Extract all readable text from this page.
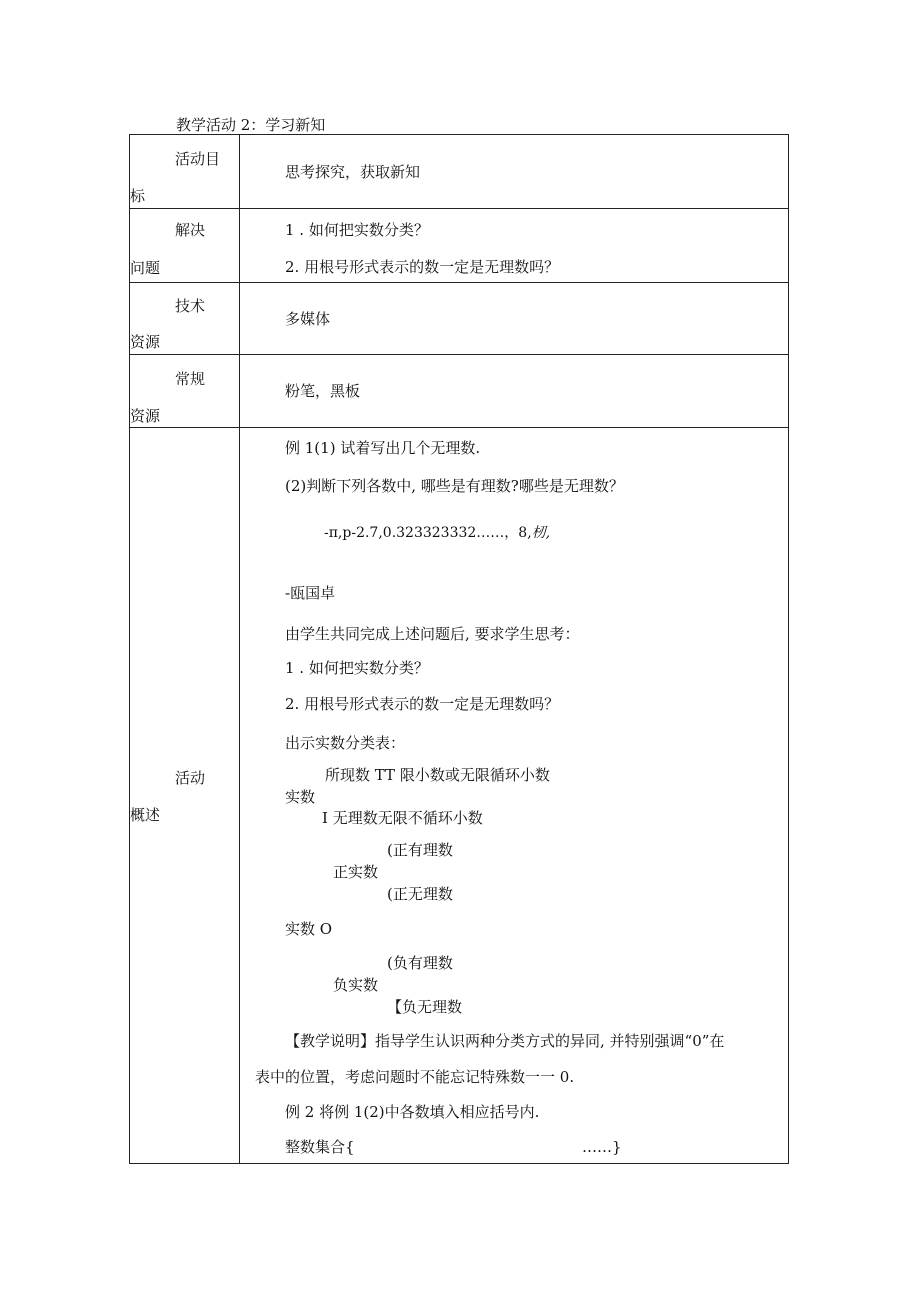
教学活动 2：学习新知
活动目
标
思考探究，获取新知
解决
问题
1 . 如何把实数分类？
2. 用根号形式表示的数一定是无理数吗？
技术
资源
多媒体
常规
资源
粉笔，黑板
活动
概述
例 1(1) 试着写出几个无理数.
(2)判断下列各数中, 哪些是有理数?哪些是无理数？
-π,p-2.7,0.323323332……，8,杒,
-瓯国卓
由学生共同完成上述问题后, 要求学生思考：
1 . 如何把实数分类？
2. 用根号形式表示的数一定是无理数吗？
出示实数分类表：
所现数 TT 限小数或无限循环小数
实数
I 无理数无限不循环小数
(正有理数
正实数
(正无理数
实数 O
(负有理数
负实数
【负无理数
【教学说明】指导学生认识两种分类方式的异同, 并特别强调“0”在
表中的位置，考虑问题时不能忘记特殊数一一 0.
例 2 将例 1(2)中各数填入相应括号内.
整数集合{	……}
